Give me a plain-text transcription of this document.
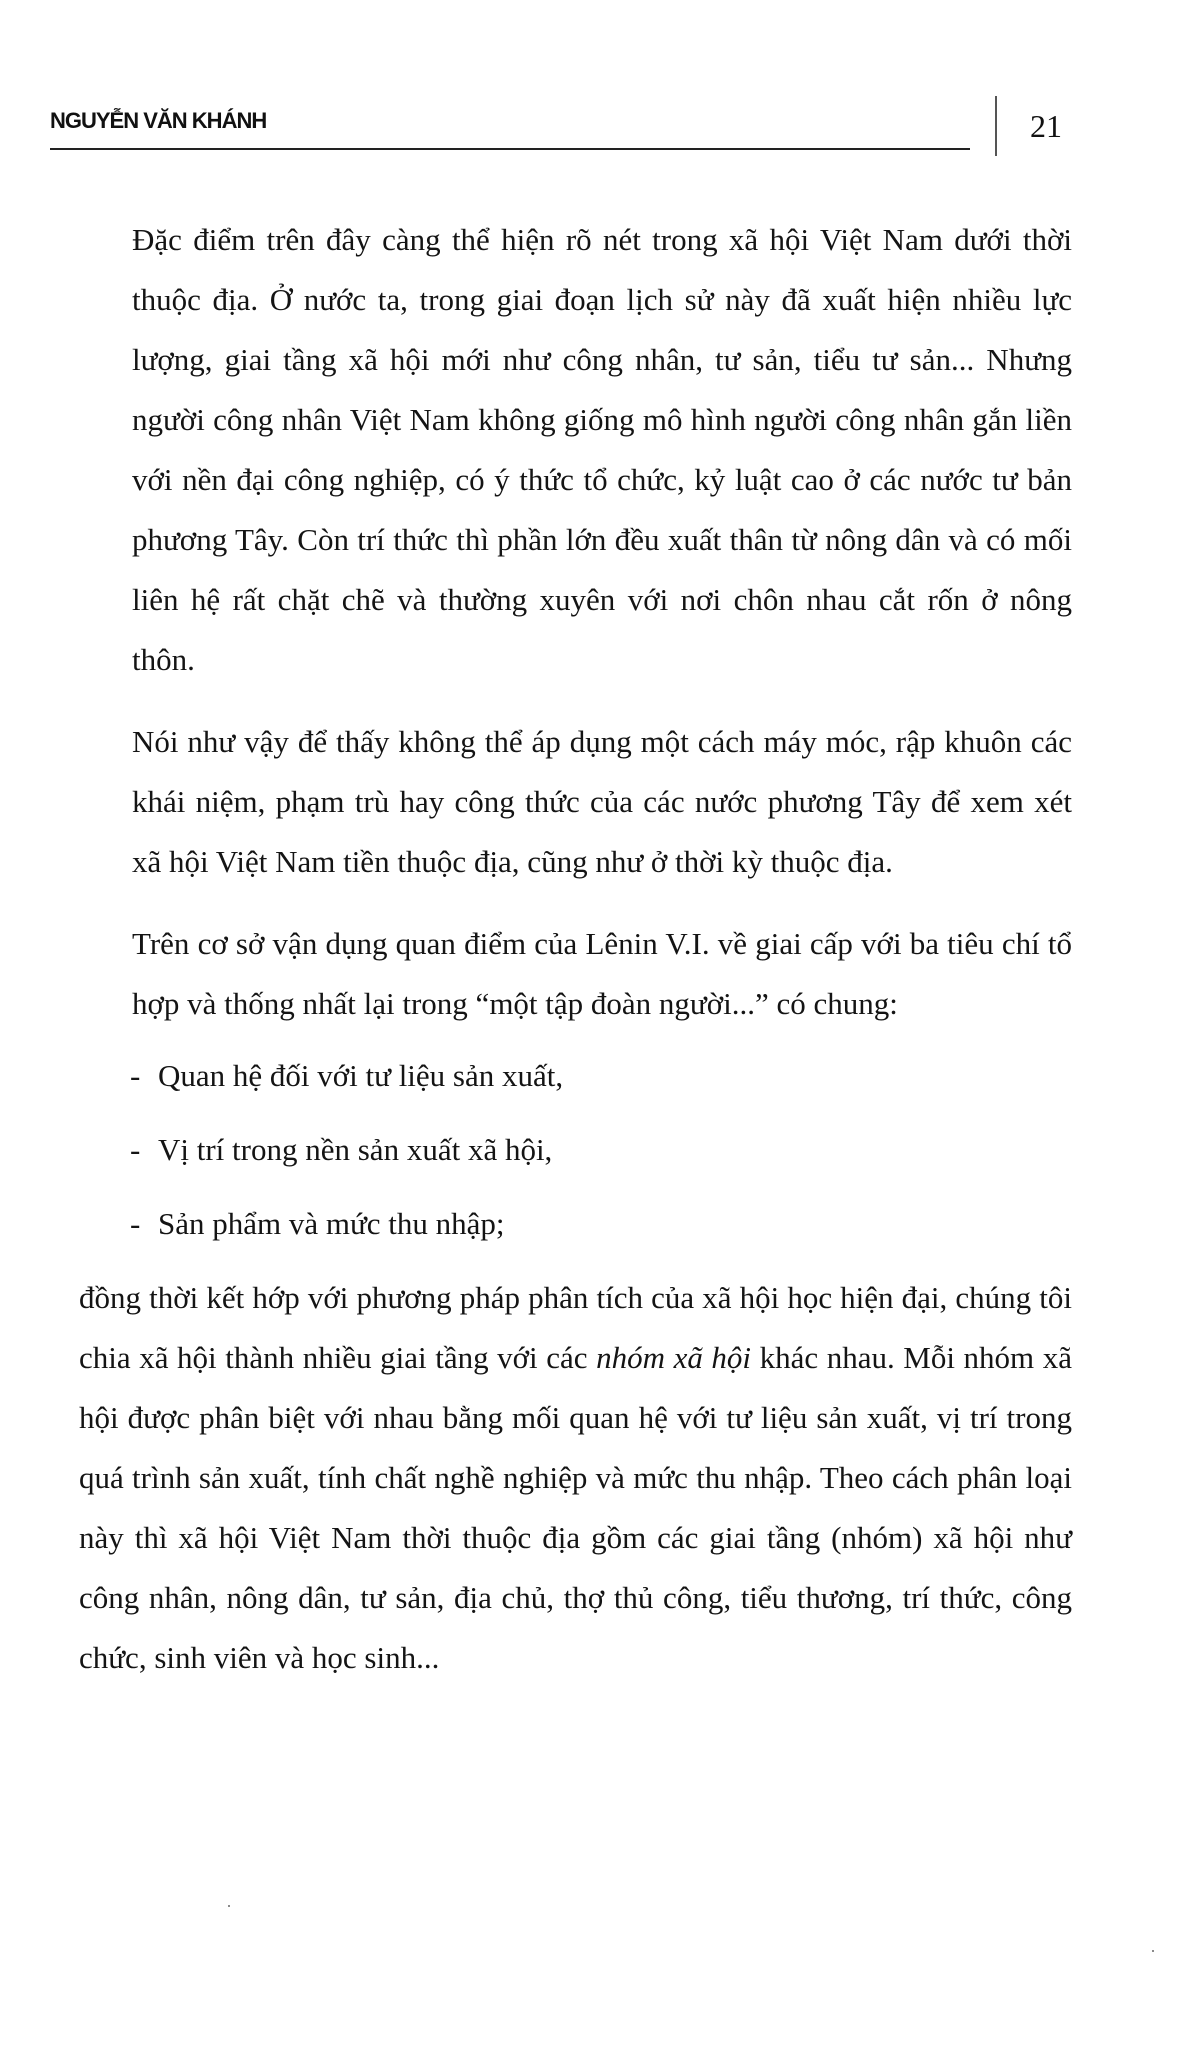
NGUYỄN VĂN KHÁNH	21

Đặc điểm trên đây càng thể hiện rõ nét trong xã hội Việt Nam dưới thời thuộc địa. Ở nước ta, trong giai đoạn lịch sử này đã xuất hiện nhiều lực lượng, giai tầng xã hội mới như công nhân, tư sản, tiểu tư sản... Nhưng người công nhân Việt Nam không giống mô hình người công nhân gắn liền với nền đại công nghiệp, có ý thức tổ chức, kỷ luật cao ở các nước tư bản phương Tây. Còn trí thức thì phần lớn đều xuất thân từ nông dân và có mối liên hệ rất chặt chẽ và thường xuyên với nơi chôn nhau cắt rốn ở nông thôn.

Nói như vậy để thấy không thể áp dụng một cách máy móc, rập khuôn các khái niệm, phạm trù hay công thức của các nước phương Tây để xem xét xã hội Việt Nam tiền thuộc địa, cũng như ở thời kỳ thuộc địa.

Trên cơ sở vận dụng quan điểm của Lênin V.I. về giai cấp với ba tiêu chí tổ hợp và thống nhất lại trong “một tập đoàn người...” có chung:

- Quan hệ đối với tư liệu sản xuất,
- Vị trí trong nền sản xuất xã hội,
- Sản phẩm và mức thu nhập;

đồng thời kết hớp với phương pháp phân tích của xã hội học hiện đại, chúng tôi chia xã hội thành nhiều giai tầng với các nhóm xã hội khác nhau. Mỗi nhóm xã hội được phân biệt với nhau bằng mối quan hệ với tư liệu sản xuất, vị trí trong quá trình sản xuất, tính chất nghề nghiệp và mức thu nhập. Theo cách phân loại này thì xã hội Việt Nam thời thuộc địa gồm các giai tầng (nhóm) xã hội như công nhân, nông dân, tư sản, địa chủ, thợ thủ công, tiểu thương, trí thức, công chức, sinh viên và học sinh...
